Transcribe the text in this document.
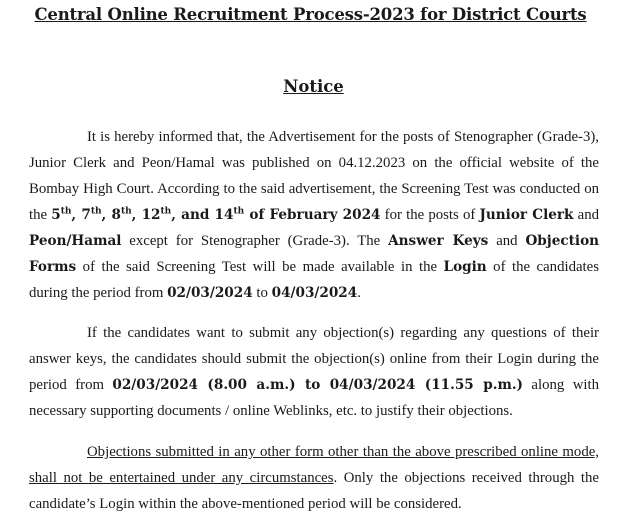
Central Online Recruitment Process-2023 for District Courts
Notice

It is hereby informed that, the Advertisement for the posts of Stenographer (Grade-3), Junior Clerk and Peon/Hamal was published on 04.12.2023 on the official website of the Bombay High Court. According to the said advertisement, the Screening Test was conducted on the 5th, 7th, 8th, 12th, and 14th of February 2024 for the posts of Junior Clerk and Peon/Hamal except for Stenographer (Grade-3). The Answer Keys and Objection Forms of the said Screening Test will be made available in the Login of the candidates during the period from 02/03/2024 to 04/03/2024.

If the candidates want to submit any objection(s) regarding any questions of their answer keys, the candidates should submit the objection(s) online from their Login during the period from 02/03/2024 (8.00 a.m.) to 04/03/2024 (11.55 p.m.) along with necessary supporting documents / online Weblinks, etc. to justify their objections.

Objections submitted in any other form other than the above prescribed online mode, shall not be entertained under any circumstances. Only the objections received through the candidate’s Login within the above-mentioned period will be considered.
